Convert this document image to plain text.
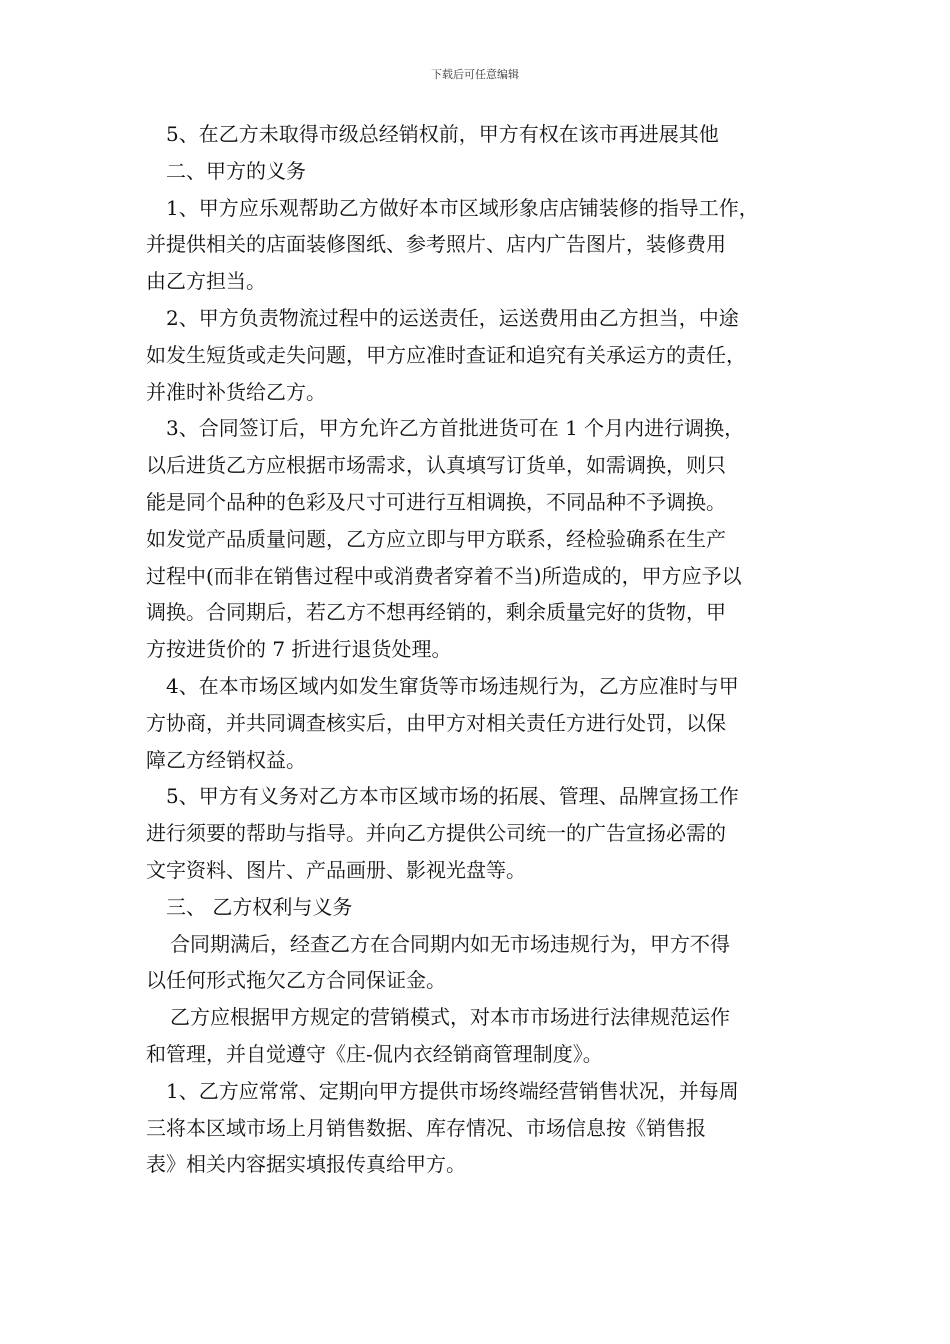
下载后可任意编辑
5、在乙方未取得市级总经销权前，甲方有权在该市再进展其他
二、甲方的义务
1、甲方应乐观帮助乙方做好本市区域形象店店铺装修的指导工作，
并提供相关的店面装修图纸、参考照片、店内广告图片，装修费用
由乙方担当。
2、甲方负责物流过程中的运送责任，运送费用由乙方担当，中途
如发生短货或走失问题，甲方应准时查证和追究有关承运方的责任，
并准时补货给乙方。
3、合同签订后，甲方允许乙方首批进货可在 1 个月内进行调换，
以后进货乙方应根据市场需求，认真填写订货单，如需调换，则只
能是同个品种的色彩及尺寸可进行互相调换，不同品种不予调换。
如发觉产品质量问题，乙方应立即与甲方联系，经检验确系在生产
过程中(而非在销售过程中或消费者穿着不当)所造成的，甲方应予以
调换。合同期后，若乙方不想再经销的，剩余质量完好的货物，甲
方按进货价的 7 折进行退货处理。
4、在本市场区域内如发生窜货等市场违规行为，乙方应准时与甲
方协商，并共同调查核实后，由甲方对相关责任方进行处罚，以保
障乙方经销权益。
5、甲方有义务对乙方本市区域市场的拓展、管理、品牌宣扬工作
进行须要的帮助与指导。并向乙方提供公司统一的广告宣扬必需的
文字资料、图片、产品画册、影视光盘等。
三、 乙方权利与义务
合同期满后，经查乙方在合同期内如无市场违规行为，甲方不得
以任何形式拖欠乙方合同保证金。
乙方应根据甲方规定的营销模式，对本市市场进行法律规范运作
和管理，并自觉遵守《庄-侃内衣经销商管理制度》。
1、乙方应常常、定期向甲方提供市场终端经营销售状况，并每周
三将本区域市场上月销售数据、库存情况、市场信息按《销售报
表》相关内容据实填报传真给甲方。
